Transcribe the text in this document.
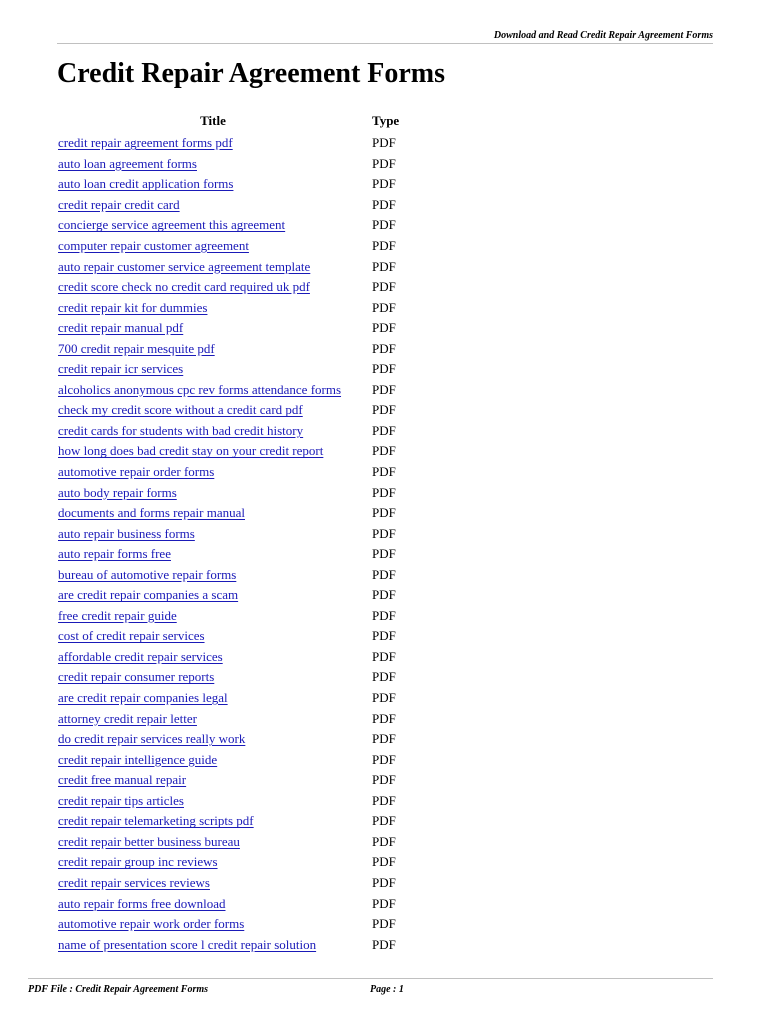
Download and Read Credit Repair Agreement Forms
Credit Repair Agreement Forms
Title	Type
credit repair agreement forms pdf	PDF
auto loan agreement forms	PDF
auto loan credit application forms	PDF
credit repair credit card	PDF
concierge service agreement this agreement	PDF
computer repair customer agreement	PDF
auto repair customer service agreement template	PDF
credit score check no credit card required uk pdf	PDF
credit repair kit for dummies	PDF
credit repair manual pdf	PDF
700 credit repair mesquite pdf	PDF
credit repair icr services	PDF
alcoholics anonymous cpc rev forms attendance forms	PDF
check my credit score without a credit card pdf	PDF
credit cards for students with bad credit history	PDF
how long does bad credit stay on your credit report	PDF
automotive repair order forms	PDF
auto body repair forms	PDF
documents and forms repair manual	PDF
auto repair business forms	PDF
auto repair forms free	PDF
bureau of automotive repair forms	PDF
are credit repair companies a scam	PDF
free credit repair guide	PDF
cost of credit repair services	PDF
affordable credit repair services	PDF
credit repair consumer reports	PDF
are credit repair companies legal	PDF
attorney credit repair letter	PDF
do credit repair services really work	PDF
credit repair intelligence guide	PDF
credit free manual repair	PDF
credit repair tips articles	PDF
credit repair telemarketing scripts pdf	PDF
credit repair better business bureau	PDF
credit repair group inc reviews	PDF
credit repair services reviews	PDF
auto repair forms free download	PDF
automotive repair work order forms	PDF
name of presentation score l credit repair solution	PDF
PDF File : Credit Repair Agreement Forms	Page : 1
